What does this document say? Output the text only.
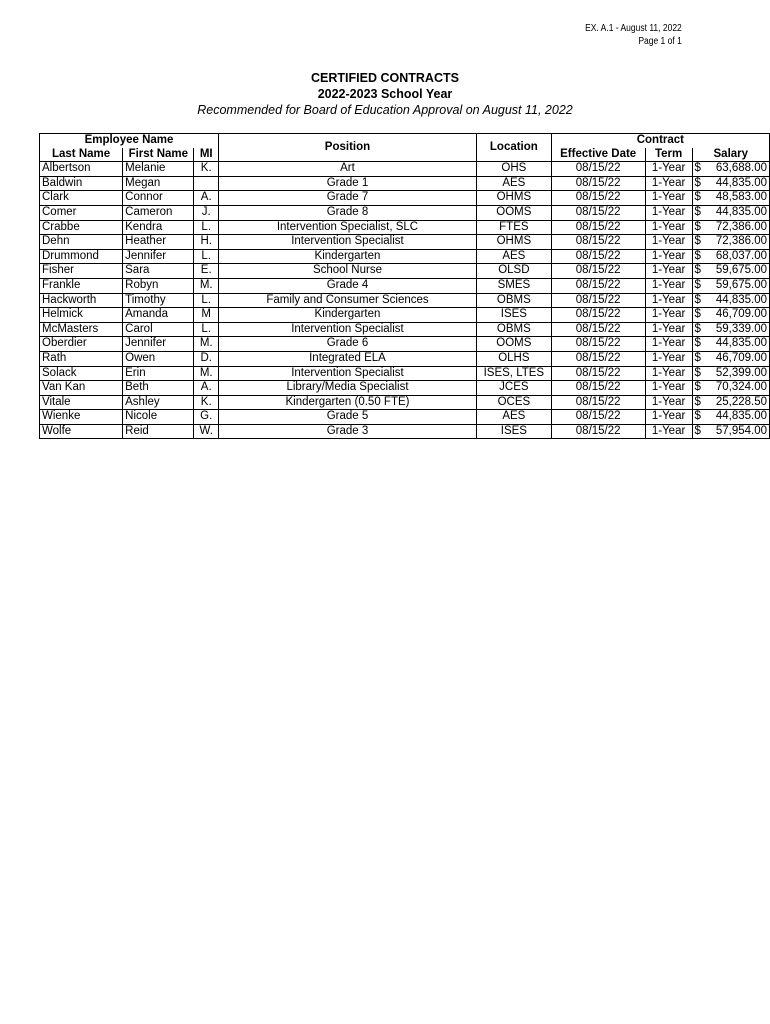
EX. A.1 - August 11, 2022
Page 1 of 1
CERTIFIED CONTRACTS
2022-2023 School Year
Recommended for Board of Education Approval on August 11, 2022
Employee Name			Position	Location	Contract		
Last Name	First Name	MI			Effective Date	Term	Salary
Albertson	Melanie	K.	Art	OHS	08/15/22	1-Year	$ 63,688.00

Baldwin	Megan		Grade 1	AES	08/15/22	1-Year	$ 44,835.00

Clark	Connor	A.	Grade 7	OHMS	08/15/22	1-Year	$ 48,583.00

Comer	Cameron	J.	Grade 8	OOMS	08/15/22	1-Year	$ 44,835.00

Crabbe	Kendra	L.	Intervention Specialist, SLC	FTES	08/15/22	1-Year	$ 72,386.00

Dehn	Heather	H.	Intervention Specialist	OHMS	08/15/22	1-Year	$ 72,386.00

Drummond	Jennifer	L.	Kindergarten	AES	08/15/22	1-Year	$ 68,037.00

Fisher	Sara	E.	School Nurse	OLSD	08/15/22	1-Year	$ 59,675.00

Frankle	Robyn	M.	Grade 4	SMES	08/15/22	1-Year	$ 59,675.00

Hackworth	Timothy	L.	Family and Consumer Sciences	OBMS	08/15/22	1-Year	$ 44,835.00

Helmick	Amanda	M	Kindergarten	ISES	08/15/22	1-Year	$ 46,709.00

McMasters	Carol	L.	Intervention Specialist	OBMS	08/15/22	1-Year	$ 59,339.00

Oberdier	Jennifer	M.	Grade 6	OOMS	08/15/22	1-Year	$ 44,835.00

Rath	Owen	D.	Integrated ELA	OLHS	08/15/22	1-Year	$ 46,709.00

Solack	Erin	M.	Intervention Specialist	ISES, LTES	08/15/22	1-Year	$ 52,399.00

Van Kan	Beth	A.	Library/Media Specialist	JCES	08/15/22	1-Year	$ 70,324.00

Vitale	Ashley	K.	Kindergarten (0.50 FTE)	OCES	08/15/22	1-Year	$ 25,228.50

Wienke	Nicole	G.	Grade 5	AES	08/15/22	1-Year	$ 44,835.00

Wolfe	Reid	W.	Grade 3	ISES	08/15/22	1-Year	$ 57,954.00
